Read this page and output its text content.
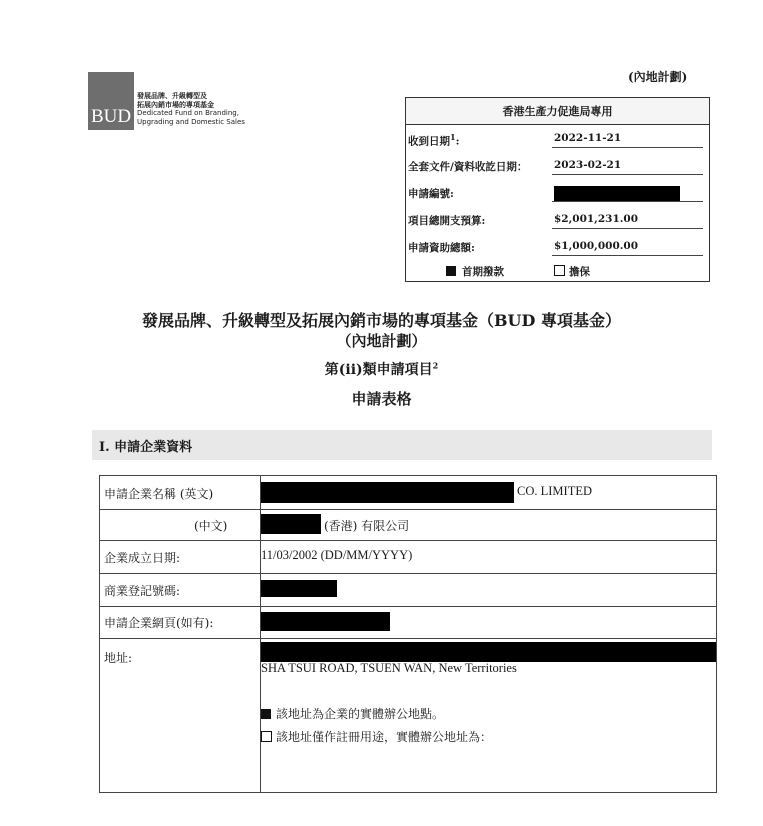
BUD
發展品牌、升級轉型及
拓展內銷市場的專項基金
Dedicated Fund on Branding,
Upgrading and Domestic Sales
(內地計劃)
香港生產力促進局專用
收到日期$^1$:	2022-11-21
全套文件/資料收訖日期：	2023-02-21
申請編號:
項目總開支預算:	$2,001,231.00
申請資助總額:	$1,000,000.00
首期撥款	擔保
發展品牌、升級轉型及拓展內銷市場的專項基金（BUD 專項基金）
（內地計劃）
第(ii)類申請項目$^2$
申請表格
I. 申請企業資料
申請企業名稱 (英文)	CO. LIMITED
(中文)	(香港) 有限公司
企業成立日期:	11/03/2002 (DD/MM/YYYY)
商業登記號碼:
申請企業網頁(如有):
地址:
SHA TSUI ROAD, TSUEN WAN, New Territories
該地址為企業的實體辦公地點。
該地址僅作註冊用途，實體辦公地址為：
